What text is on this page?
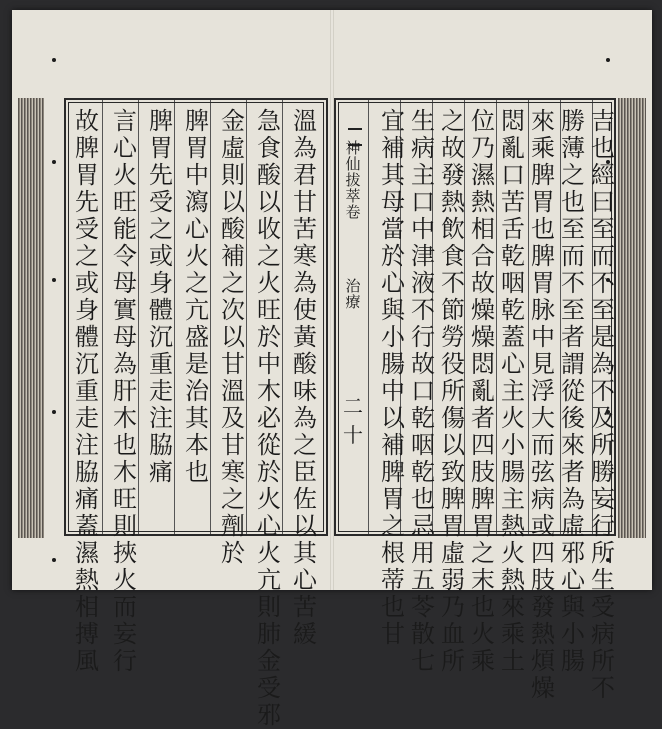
溫
為
君
甘
苦
寒
為
使
黃
酸
味
為
之
臣
佐
以
其
心
苦
緩
急
食
酸
以
收
之
火
旺
於
中
木
必
從
於
火
心
火
亢
則
肺
金
受
邪
金
虛
則
以
酸
補
之
次
以
甘
溫
及
甘
寒
之
劑
於
脾
胃
中
瀉
心
火
之
亢
盛
是
治
其
本
也
脾
胃
先
受
之
或
身
體
沉
重
走
注
脇
痛
言
心
火
旺
能
令
母
實
母
為
肝
木
也
木
旺
則
挾
火
而
妄
行
故
脾
胃
先
受
之
或
身
體
沉
重
走
注
脇
痛
蓋
濕
熱
相
搏
風
神
仙
拔
萃
卷
治
療
二十
吉
也
經
曰
至
而
不
至
是
為
不
及
所
勝
妄
行
所
生
受
病
所
不
勝
薄
之
也
至
而
不
至
者
謂
從
後
來
者
為
虛
邪
心
與
小
腸
來
乘
脾
胃
也
脾
胃
脉
中
見
浮
大
而
弦
病
或
四
肢
發
熱
煩
燥
悶
亂
口
苦
舌
乾
咽
乾
蓋
心
主
火
小
腸
主
熱
火
熱
來
乘
土
位
乃
濕
熱
相
合
故
燥
燥
悶
亂
者
四
肢
脾
胃
之
末
也
火
乘
之
故
發
熱
飲
食
不
節
勞
役
所
傷
以
致
脾
胃
虛
弱
乃
血
所
生
病
主
口
中
津
液
不
行
故
口
乾
咽
乾
也
忌
用
五
苓
散
七
宜
補
其
母
當
於
心
與
小
腸
中
以
補
脾
胃
之
根
蒂
也
甘
